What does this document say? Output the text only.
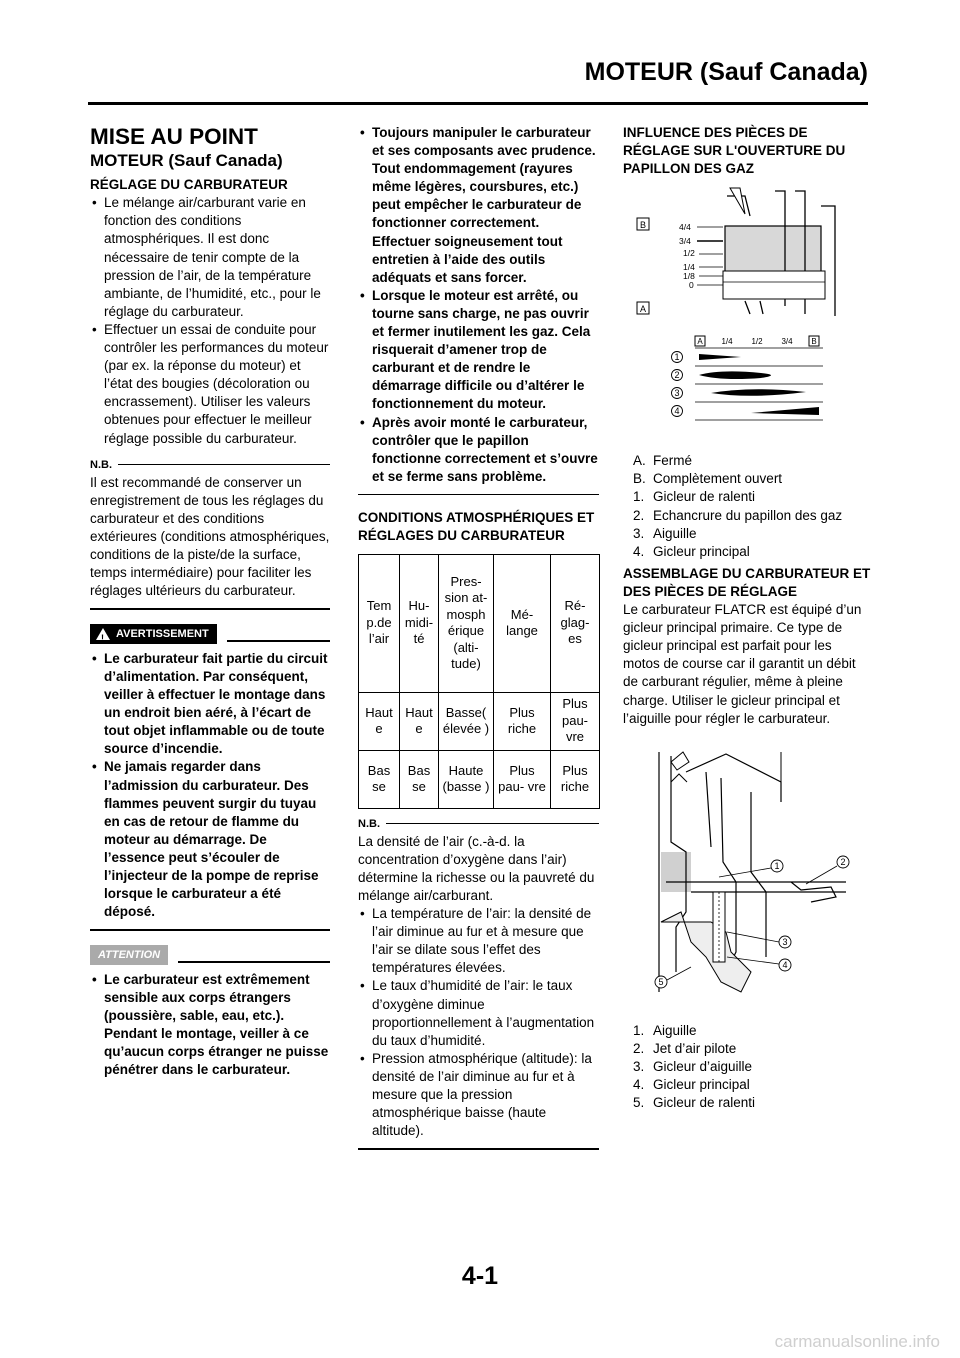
MOTEUR (Sauf Canada)
MISE AU POINT
MOTEUR (Sauf Canada)
RÉGLAGE DU CARBURATEUR

• Le mélange air/carburant varie en fonction des conditions atmosphériques. Il est donc nécessaire de tenir compte de la pression de l’air, de la température ambiante, de l’humidité, etc., pour le réglage du carburateur.

• Effectuer un essai de conduite pour contrôler les performances du moteur (par ex. la réponse du moteur) et l’état des bougies (décoloration ou encrassement). Utiliser les valeurs obtenues pour effectuer le meilleur réglage possible du carburateur.

N.B.
Il est recommandé de conserver un enregistrement de tous les réglages du carburateur et des conditions extérieures (conditions atmosphériques, conditions de la piste/de la surface, temps intermédiaire) pour faciliter les réglages ultérieurs du carburateur.
! AVERTISSEMENT

• Le carburateur fait partie du circuit d’alimentation. Par conséquent, veiller à effectuer le montage dans un endroit bien aéré, à l’écart de tout objet inflammable ou de toute source d’incendie.

• Ne jamais regarder dans l’admission du carburateur. Des flammes peuvent surgir du tuyau en cas de retour de flamme du moteur au démarrage. De l’essence peut s’écouler de l’injecteur de la pompe de reprise lorsque le carburateur a été déposé.

ATTENTION

• Le carburateur est extrêmement sensible aux corps étrangers (poussière, sable, eau, etc.). Pendant le montage, veiller à ce qu’aucun corps étranger ne puisse pénétrer dans le carburateur.

• Toujours manipuler le carburateur et ses composants avec prudence. Tout endommagement (rayures même légères, coursbures, etc.) peut empêcher le carburateur de fonctionner correctement. Effectuer soigneusement tout entretien à l’aide des outils adéquats et sans forcer.

• Lorsque le moteur est arrêté, ou tourne sans charge, ne pas ouvrir et fermer inutilement les gaz. Cela risquerait d’amener trop de carburant et de rendre le démarrage difficile ou d’altérer le fonctionnement du moteur.

• Après avoir monté le carburateur, contrôler que le papillon fonctionne correctement et s’ouvre et se ferme sans problème.

CONDITIONS ATMOSPHÉRIQUES ET RÉGLAGES DU CARBURATEUR
Tem p.de l’air	Hu- midi- té	Pres- sion at- mosph érique (alti- tude)	Mé- lange	Ré- glag- es
Haut e	Haut e	Basse( élevée )	Plus riche	Plus pau- vre
Bas se	Bas se	Haute (basse )	Plus pau- vre	Plus riche
N.B.
La densité de l’air (c.-à-d. la concentration d’oxygène dans l’air) détermine la richesse ou la pauvreté du mélange air/carburant.

• La température de l’air: la densité de l’air diminue au fur et à mesure que l’air se dilate sous l’effet des températures élevées.

• Le taux d’humidité de l’air: le taux d’oxygène diminue proportionnellement à l’augmentation du taux d’humidité.

• Pression atmosphérique (altitude): la densité de l’air diminue au fur et à mesure que la pression atmosphérique baisse (haute altitude).

INFLUENCE DES PIÈCES DE RÉGLAGE SUR L'OUVERTURE DU PAPILLON DES GAZ
B
A
4/4
3/4
1/2
1/4
1/8
0
A 1/4 1/2 3/4 B
1
2
3
4

A. Fermé

B. Complètement ouvert

1. Gicleur de ralenti

2. Echancrure du papillon des gaz

3. Aiguille

4. Gicleur principal

ASSEMBLAGE DU CARBURATEUR ET DES PIÈCES DE RÉGLAGE
Le carburateur FLATCR est équipé d’un gicleur principal primaire. Ce type de gicleur principal est parfait pour les motos de course car il garantit un débit de carburant régulier, même à pleine charge. Utiliser le gicleur principal et l’aiguille pour régler le carburateur.
1	2
3
4
5

1. Aiguille

2. Jet d’air pilote

3. Gicleur d’aiguille

4. Gicleur principal

5. Gicleur de ralenti

4-1
carmanualsonline.info
